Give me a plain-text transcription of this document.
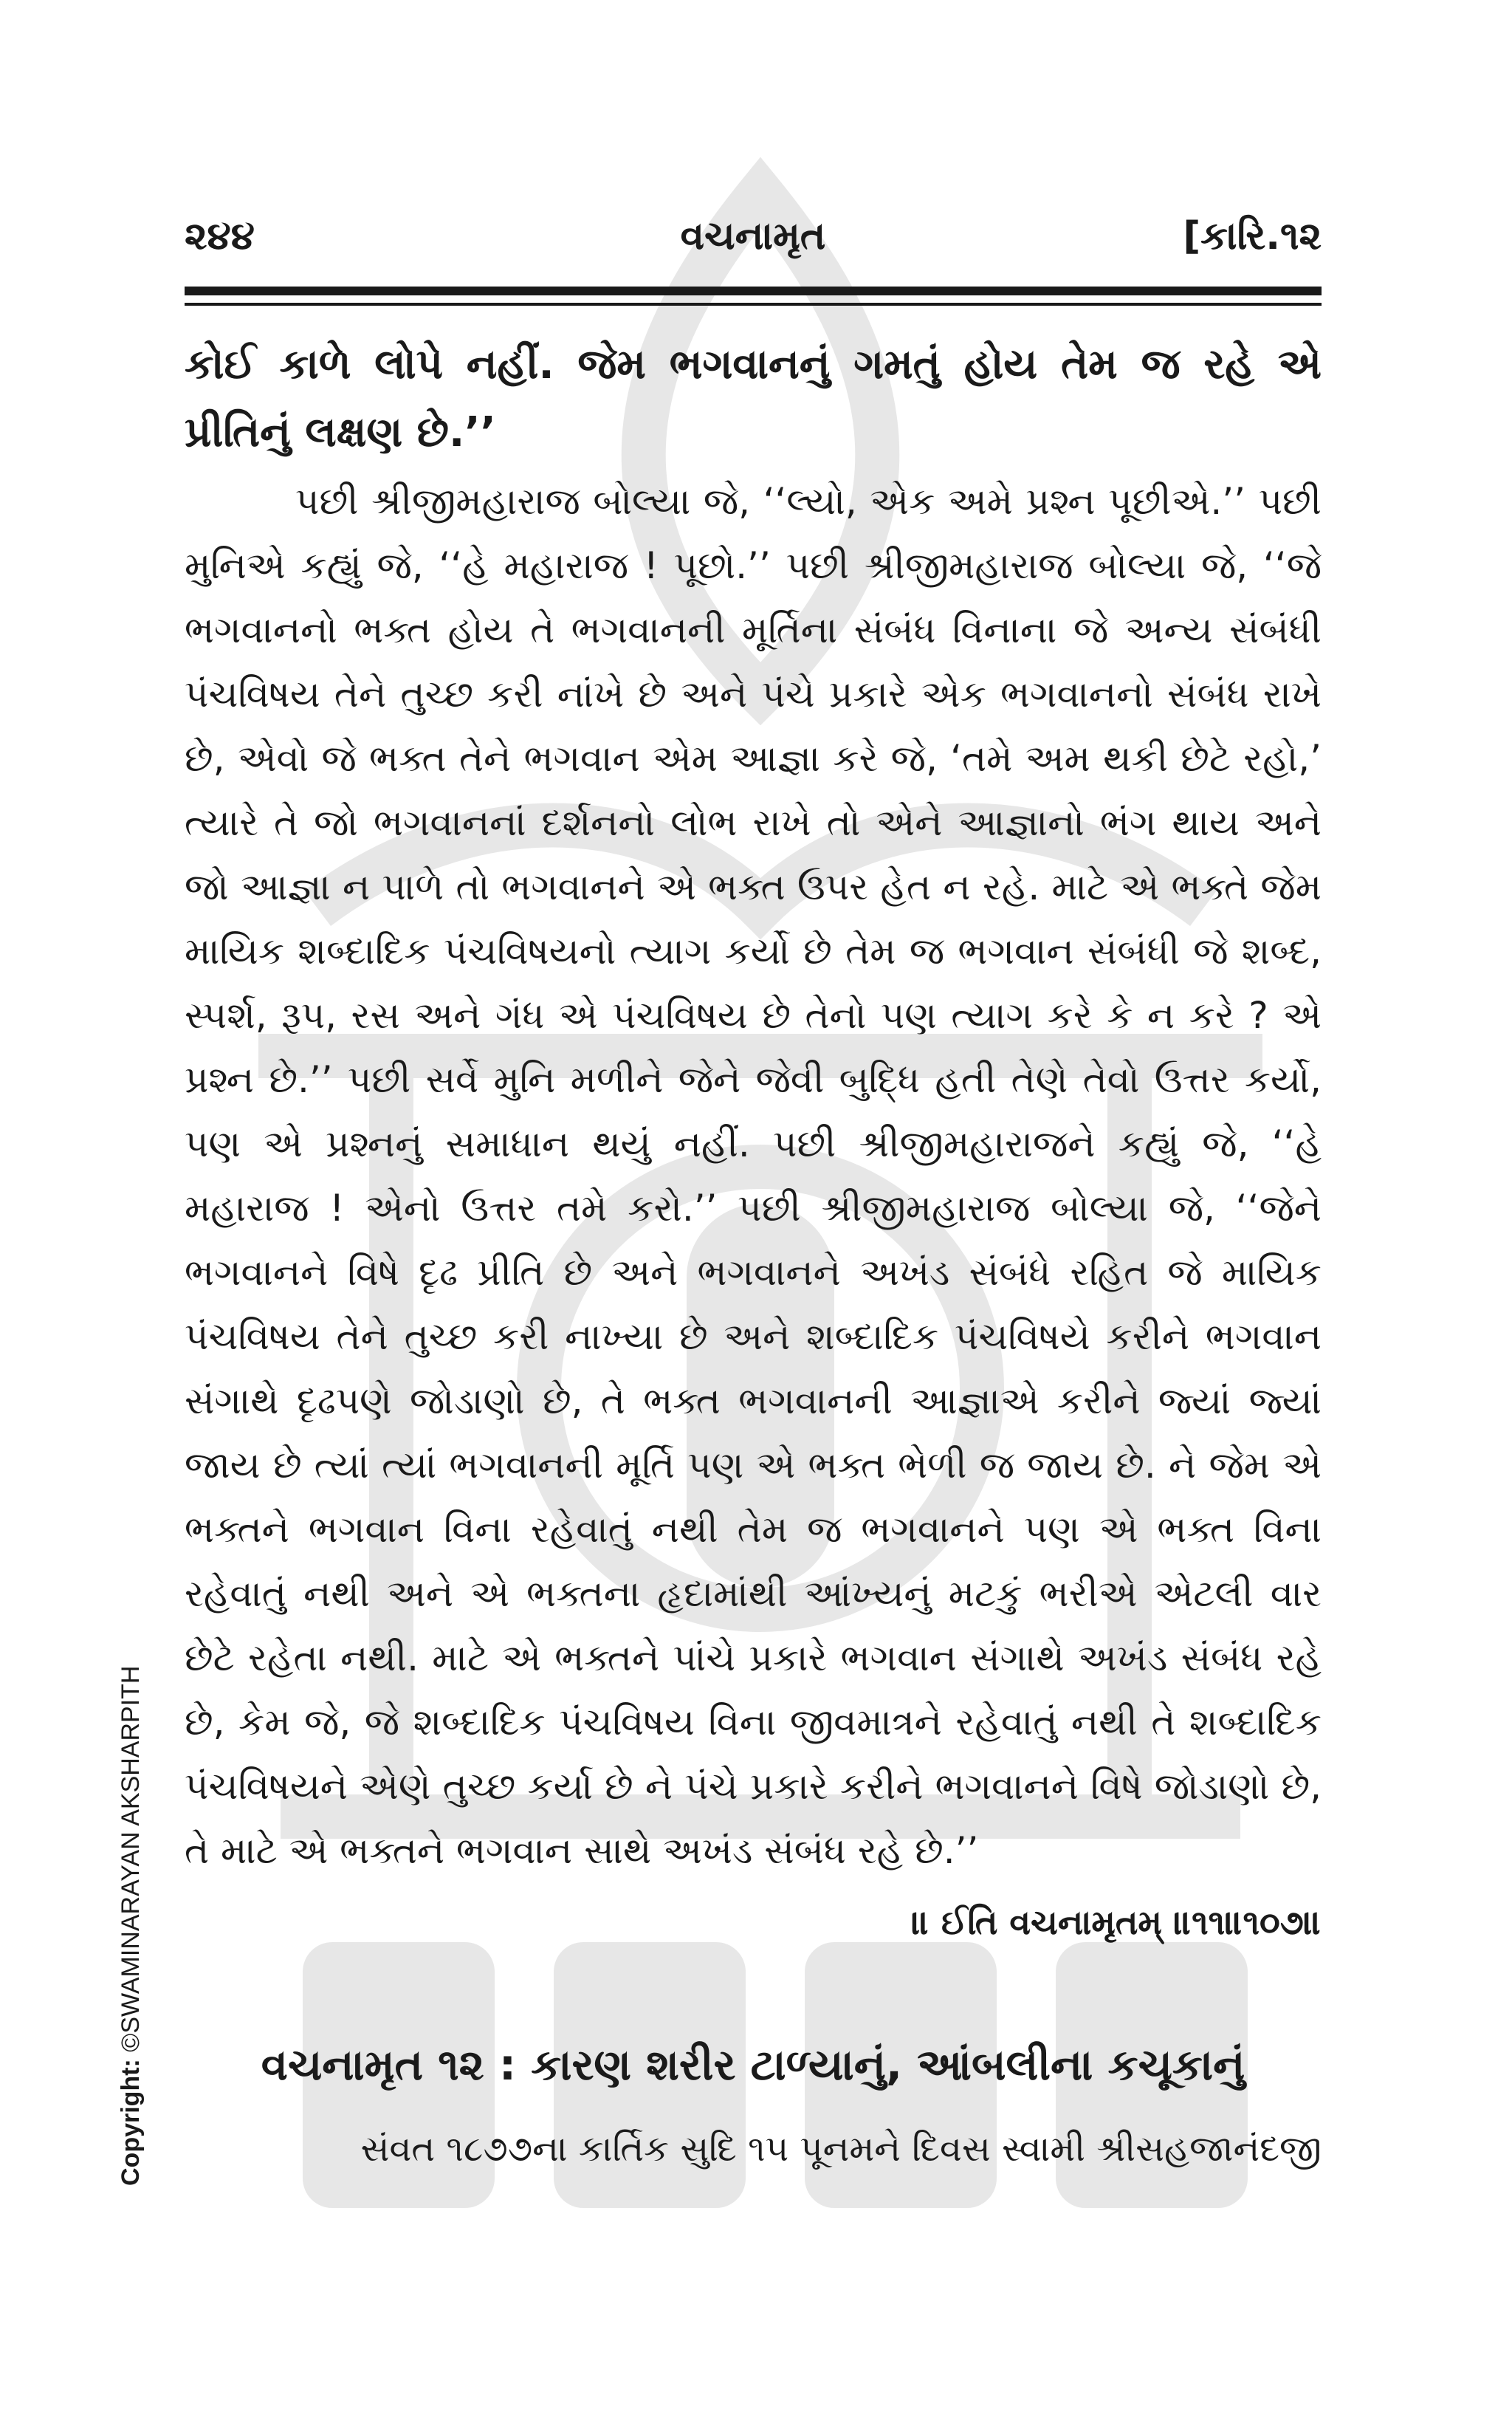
૨૪૪	વચનામૃત	[કારિ.૧૨

કોઈ કાળે લોપે નહીં. જેમ ભગવાનનું ગમતું હોય તેમ જ રહે એ પ્રીતિનું લક્ષણ છે.’’

પછી શ્રીજીમહારાજ બોલ્યા જે, ‘‘લ્યો, એક અમે પ્રશ્ન પૂછીએ.’’ પછી મુનિએ કહ્યું જે, ‘‘હે મહારાજ ! પૂછો.’’ પછી શ્રીજીમહારાજ બોલ્યા જે, ‘‘જે ભગવાનનો ભક્ત હોય તે ભગવાનની મૂર્તિના સંબંધ વિનાના જે અન્ય સંબંધી પંચવિષય તેને તુચ્છ કરી નાંખે છે અને પંચે પ્રકારે એક ભગવાનનો સંબંધ રાખે છે, એવો જે ભક્ત તેને ભગવાન એમ આજ્ઞા કરે જે, ‘તમે અમ થકી છેટે રહો,’ ત્યારે તે જો ભગવાનનાં દર્શનનો લોભ રાખે તો એને આજ્ઞાનો ભંગ થાય અને જો આજ્ઞા ન પાળે તો ભગવાનને એ ભક્ત ઉપર હેત ન રહે. માટે એ ભક્તે જેમ માયિક શબ્દાદિક પંચવિષયનો ત્યાગ કર્યો છે તેમ જ ભગવાન સંબંધી જે શબ્દ, સ્પર્શ, રૂપ, રસ અને ગંધ એ પંચવિષય છે તેનો પણ ત્યાગ કરે કે ન કરે ? એ પ્રશ્ન છે.’’ પછી સર્વે મુનિ મળીને જેને જેવી બુદ્ધિ હતી તેણે તેવો ઉત્તર કર્યો, પણ એ પ્રશ્નનું સમાધાન થયું નહીં. પછી શ્રીજીમહારાજને કહ્યું જે, ‘‘હે મહારાજ ! એનો ઉત્તર તમે કરો.’’ પછી શ્રીજીમહારાજ બોલ્યા જે, ‘‘જેને ભગવાનને વિષે દૃઢ પ્રીતિ છે અને ભગવાનને અખંડ સંબંધે રહિત જે માયિક પંચવિષય તેને તુચ્છ કરી નાખ્યા છે અને શબ્દાદિક પંચવિષયે કરીને ભગવાન સંગાથે દૃઢપણે જોડાણો છે, તે ભક્ત ભગવાનની આજ્ઞાએ કરીને જ્યાં જ્યાં જાય છે ત્યાં ત્યાં ભગવાનની મૂર્તિ પણ એ ભક્ત ભેળી જ જાય છે. ને જેમ એ ભક્તને ભગવાન વિના રહેવાતું નથી તેમ જ ભગવાનને પણ એ ભક્ત વિના રહેવાતું નથી અને એ ભક્તના હૃદામાંથી આંખ્યનું મટકું ભરીએ એટલી વાર છેટે રહેતા નથી. માટે એ ભક્તને પાંચે પ્રકારે ભગવાન સંગાથે અખંડ સંબંધ રહે છે, કેમ જે, જે શબ્દાદિક પંચવિષય વિના જીવમાત્રને રહેવાતું નથી તે શબ્દાદિક પંચવિષયને એણે તુચ્છ કર્યા છે ને પંચે પ્રકારે કરીને ભગવાનને વિષે જોડાણો છે, તે માટે એ ભક્તને ભગવાન સાથે અખંડ સંબંધ રહે છે.’’

॥ ઈતિ વચનામૃતમ્ ॥૧૧॥૧૦૭॥

વચનામૃત ૧૨ : કારણ શરીર ટાળ્યાનું, આંબલીના કચૂકાનું
સંવત ૧૮૭૭ના કાર્તિક સુદિ ૧૫ પૂનમને દિવસ સ્વામી શ્રીસહજાનંદજી
Copyright: ©SWAMINARAYAN AKSHARPITH
